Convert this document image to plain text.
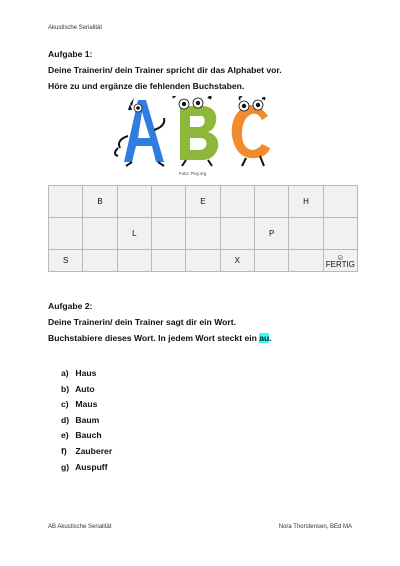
Akustische Serialität
Aufgabe 1:
Deine Trainerin/ dein Trainer spricht dir das Alphabet vor.
Höre zu und ergänze die fehlenden Buchstaben.
Foto: Pixy.org
	B			E			H	
		L				P		
S					X			☺
FERTIG
Aufgabe 2:
Deine Trainerin/ dein Trainer sagt dir ein Wort.
Buchstabiere dieses Wort. In jedem Wort steckt ein au.
a) Haus
b) Auto
c) Maus
d) Baum
e) Bauch
f) Zauberer
g) Auspuff
AB Akustische Serialität	Nora Thorstensen, BEd MA
